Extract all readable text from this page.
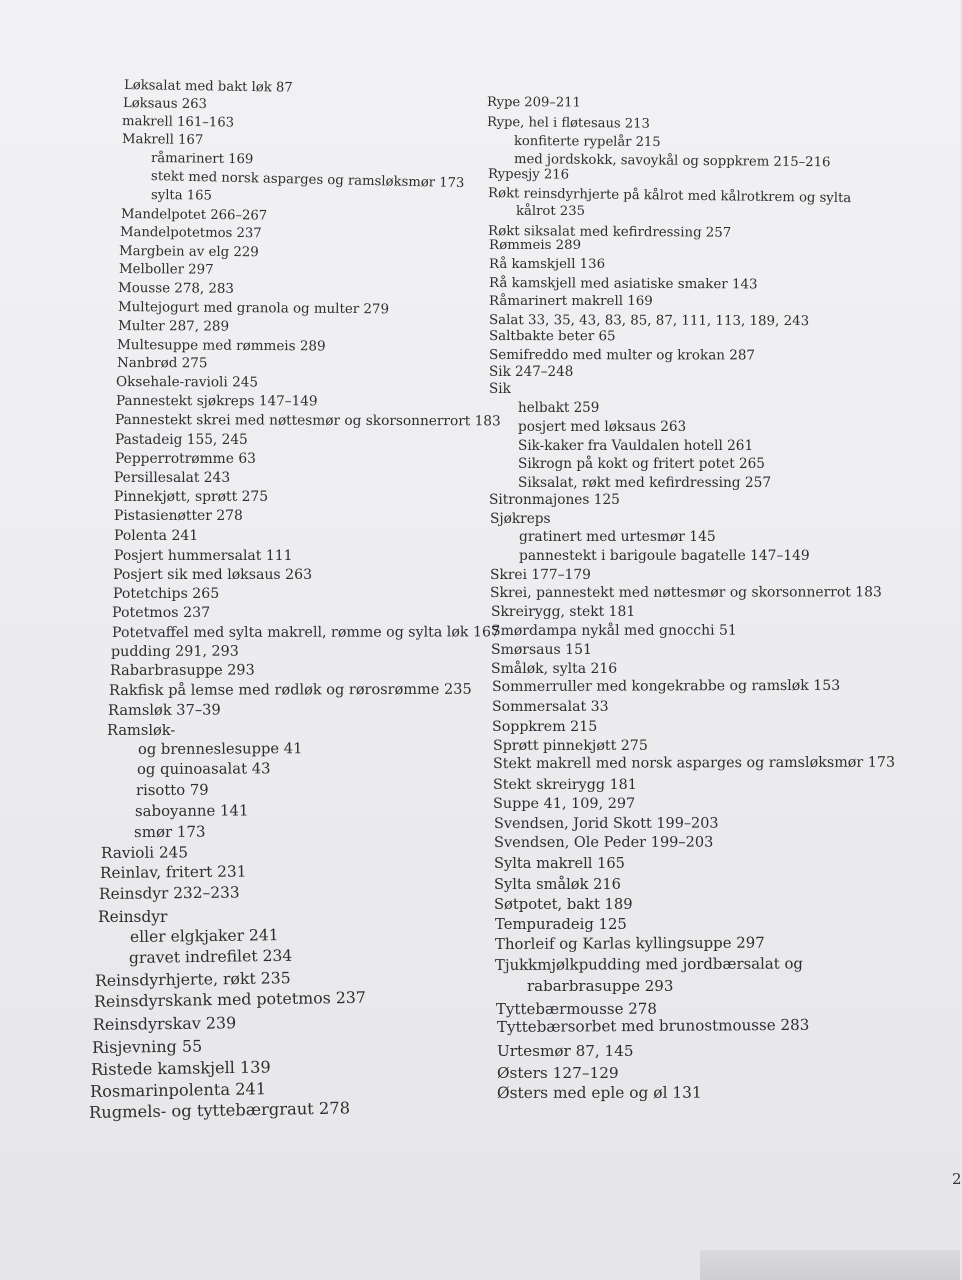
Løksalat med bakt løk 87
Løksaus 263
makrell 161–163
Makrell 167
råmarinert 169
stekt med norsk asparges og ramsløksmør 173
sylta 165
Mandelpotet 266–267
Mandelpotetmos 237
Margbein av elg 229
Melboller 297
Mousse 278, 283
Multejogurt med granola og multer 279
Multer 287, 289
Multesuppe med rømmeis 289
Nanbrød 275
Oksehale-ravioli 245
Pannestekt sjøkreps 147–149
Pannestekt skrei med nøttesmør og skorsonnerrort 183
Pastadeig 155, 245
Pepperrotrømme 63
Persillesalat 243
Pinnekjøtt, sprøtt 275
Pistasienøtter 278
Polenta 241
Posjert hummersalat 111
Posjert sik med løksaus 263
Potetchips 265
Potetmos 237
Potetvaffel med sylta makrell, rømme og sylta løk 167
pudding 291, 293
Rabarbrasuppe 293
Rakfisk på lemse med rødløk og rørosrømme 235
Ramsløk 37–39
Ramsløk-
og brenneslesuppe 41
og quinoasalat 43
risotto 79
saboyanne 141
smør 173
Ravioli 245
Reinlav, fritert 231
Reinsdyr 232–233
Reinsdyr
eller elgkjaker 241
gravet indrefilet 234
Reinsdyrhjerte, røkt 235
Reinsdyrskank med potetmos 237
Reinsdyrskav 239
Risjevning 55
Ristede kamskjell 139
Rosmarinpolenta 241
Rugmels- og tyttebærgraut 278
Rype 209–211
Rype, hel i fløtesaus 213
konfiterte rypelår 215
med jordskokk, savoykål og soppkrem 215–216
Rypesjy 216
Røkt reinsdyrhjerte på kålrot med kålrotkrem og sylta
kålrot 235
Røkt siksalat med kefirdressing 257
Rømmeis 289
Rå kamskjell 136
Rå kamskjell med asiatiske smaker 143
Råmarinert makrell 169
Salat 33, 35, 43, 83, 85, 87, 111, 113, 189, 243
Saltbakte beter 65
Semifreddo med multer og krokan 287
Sik 247–248
Sik
helbakt 259
posjert med løksaus 263
Sik-kaker fra Vauldalen hotell 261
Sikrogn på kokt og fritert potet 265
Siksalat, røkt med kefirdressing 257
Sitronmajones 125
Sjøkreps
gratinert med urtesmør 145
pannestekt i barigoule bagatelle 147–149
Skrei 177–179
Skrei, pannestekt med nøttesmør og skorsonnerrot 183
Skreirygg, stekt 181
Smørdampa nykål med gnocchi 51
Smørsaus 151
Småløk, sylta 216
Sommerruller med kongekrabbe og ramsløk 153
Sommersalat 33
Soppkrem 215
Sprøtt pinnekjøtt 275
Stekt makrell med norsk asparges og ramsløksmør 173
Stekt skreirygg 181
Suppe 41, 109, 297
Svendsen, Jorid Skott 199–203
Svendsen, Ole Peder 199–203
Sylta makrell 165
Sylta småløk 216
Søtpotet, bakt 189
Tempuradeig 125
Thorleif og Karlas kyllingsuppe 297
Tjukkmjølkpudding med jordbærsalat og
rabarbrasuppe 293
Tyttebærmousse 278
Tyttebærsorbet med brunostmousse 283
Urtesmør 87, 145
Østers 127–129
Østers med eple og øl 131
2
